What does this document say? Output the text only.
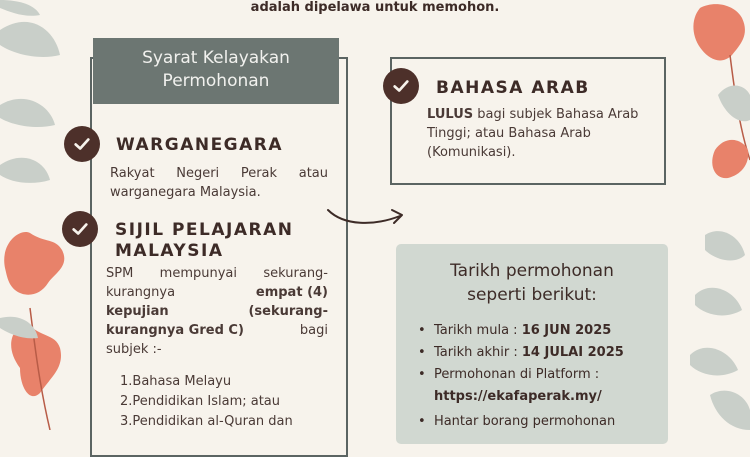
adalah dipelawa untuk memohon.
Syarat Kelayakan
Permohonan
WARGANEGARA
Rakyat Negeri Perak atau
warganegara Malaysia.
SIJIL PELAJARAN
MALAYSIA
SPM mempunyai sekurang-
kurangnya	empat (4)
kepujian	(sekurang-
kurangnya Gred C)	bagi
subjek :-
1.Bahasa Melayu
2.Pendidikan Islam; atau
3.Pendidikan al-Quran dan
BAHASA ARAB
LULUS bagi subjek Bahasa Arab
Tinggi; atau Bahasa Arab
(Komunikasi).
Tarikh permohonan
seperti berikut:
•  Tarikh mula : 16 JUN 2025
•  Tarikh akhir : 14 JULAI 2025
•  Permohonan di Platform :
https://ekafaperak.my/
•  Hantar borang permohonan
